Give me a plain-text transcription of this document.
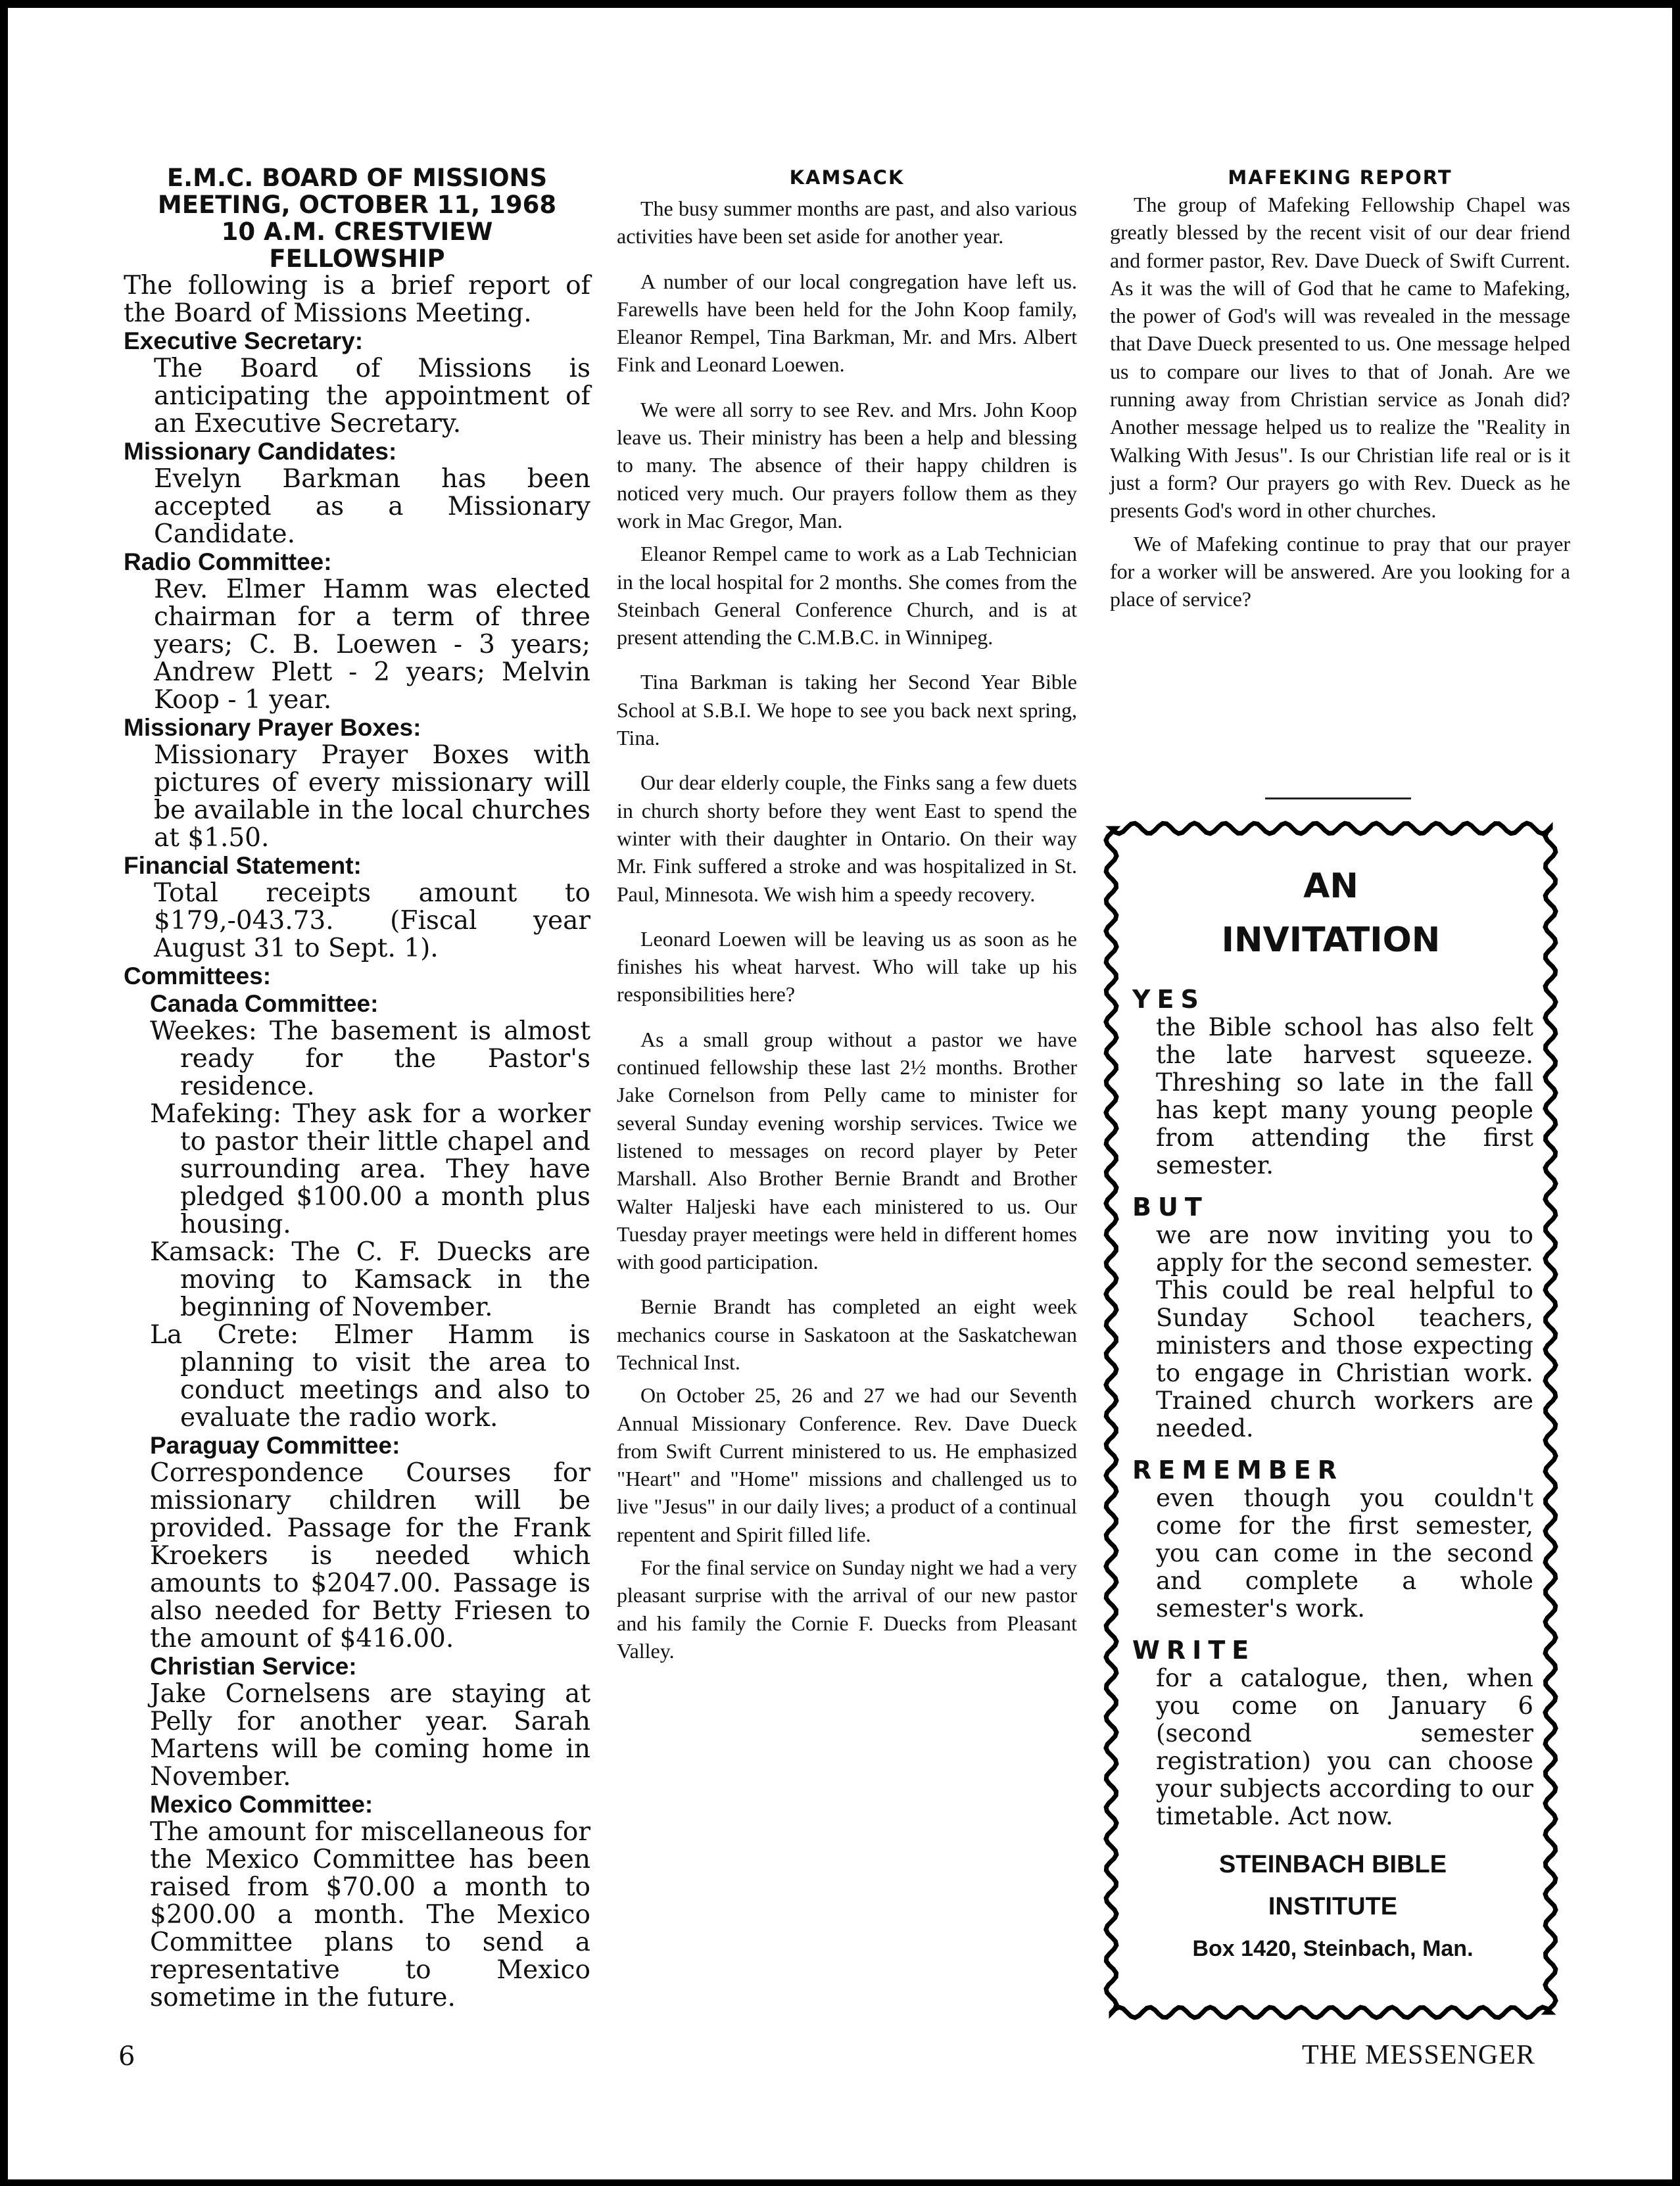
E.M.C. BOARD OF MISSIONS

MEETING, OCTOBER 11, 1968

10 A.M. CRESTVIEW

FELLOWSHIP

The following is a brief report of the Board of Missions Meeting.

Executive Secretary:

The Board of Missions is anticipating the appointment of an Executive Secretary.

Missionary Candidates:

Evelyn Barkman has been accepted as a Missionary Candidate.

Radio Committee:

Rev. Elmer Hamm was elected chairman for a term of three years; C. B. Loewen - 3 years; Andrew Plett - 2 years; Melvin Koop - 1 year.

Missionary Prayer Boxes:

Missionary Prayer Boxes with pictures of every missionary will be available in the local churches at $1.50.

Financial Statement:

Total receipts amount to $179,-043.73. (Fiscal year August 31 to Sept. 1).

Committees:

Canada Committee:

Weekes: The basement is almost ready for the Pastor's residence.

Mafeking: They ask for a worker to pastor their little chapel and surrounding area. They have pledged $100.00 a month plus housing.

Kamsack: The C. F. Duecks are moving to Kamsack in the beginning of November.

La Crete: Elmer Hamm is planning to visit the area to conduct meetings and also to evaluate the radio work.

Paraguay Committee:

Correspondence Courses for missionary children will be provided. Passage for the Frank Kroekers is needed which amounts to $2047.00. Passage is also needed for Betty Friesen to the amount of $416.00.

Christian Service:

Jake Cornelsens are staying at Pelly for another year. Sarah Martens will be coming home in November.

Mexico Committee:

The amount for miscellaneous for the Mexico Committee has been raised from $70.00 a month to $200.00 a month. The Mexico Committee plans to send a representative to Mexico sometime in the future.

KAMSACK

The busy summer months are past, and also various activities have been set aside for another year.

A number of our local congregation have left us. Farewells have been held for the John Koop family, Eleanor Rempel, Tina Barkman, Mr. and Mrs. Albert Fink and Leonard Loewen.

We were all sorry to see Rev. and Mrs. John Koop leave us. Their ministry has been a help and blessing to many. The absence of their happy children is noticed very much. Our prayers follow them as they work in Mac Gregor, Man.

Eleanor Rempel came to work as a Lab Technician in the local hospital for 2 months. She comes from the Steinbach General Conference Church, and is at present attending the C.M.B.C. in Winnipeg.

Tina Barkman is taking her Second Year Bible School at S.B.I. We hope to see you back next spring, Tina.

Our dear elderly couple, the Finks sang a few duets in church shorty before they went East to spend the winter with their daughter in Ontario. On their way Mr. Fink suffered a stroke and was hospitalized in St. Paul, Minnesota. We wish him a speedy recovery.

Leonard Loewen will be leaving us as soon as he finishes his wheat harvest. Who will take up his responsibilities here?

As a small group without a pastor we have continued fellowship these last 2½ months. Brother Jake Cornelson from Pelly came to minister for several Sunday evening worship services. Twice we listened to messages on record player by Peter Marshall. Also Brother Bernie Brandt and Brother Walter Haljeski have each ministered to us. Our Tuesday prayer meetings were held in different homes with good participation.

Bernie Brandt has completed an eight week mechanics course in Saskatoon at the Saskatchewan Technical Inst.

On October 25, 26 and 27 we had our Seventh Annual Missionary Conference. Rev. Dave Dueck from Swift Current ministered to us. He emphasized "Heart" and "Home" missions and challenged us to live "Jesus" in our daily lives; a product of a continual repentent and Spirit filled life.

For the final service on Sunday night we had a very pleasant surprise with the arrival of our new pastor and his family the Cornie F. Duecks from Pleasant Valley.

MAFEKING REPORT

The group of Mafeking Fellowship Chapel was greatly blessed by the recent visit of our dear friend and former pastor, Rev. Dave Dueck of Swift Current. As it was the will of God that he came to Mafeking, the power of God's will was revealed in the message that Dave Dueck presented to us. One message helped us to compare our lives to that of Jonah. Are we running away from Christian service as Jonah did? Another message helped us to realize the "Reality in Walking With Jesus". Is our Christian life real or is it just a form? Our prayers go with Rev. Dueck as he presents God's word in other churches.

We of Mafeking continue to pray that our prayer for a worker will be answered. Are you looking for a place of service?

AN

INVITATION

YES

the Bible school has also felt the late harvest squeeze. Threshing so late in the fall has kept many young people from attending the first semester.

BUT

we are now inviting you to apply for the second semester. This could be real helpful to Sunday School teachers, ministers and those expecting to engage in Christian work. Trained church workers are needed.

REMEMBER

even though you couldn't come for the first semester, you can come in the second and complete a whole semester's work.

WRITE

for a catalogue, then, when you come on January 6 (second semester registration) you can choose your subjects according to our timetable. Act now.

STEINBACH BIBLE

INSTITUTE

Box 1420, Steinbach, Man.

6	THE MESSENGER
